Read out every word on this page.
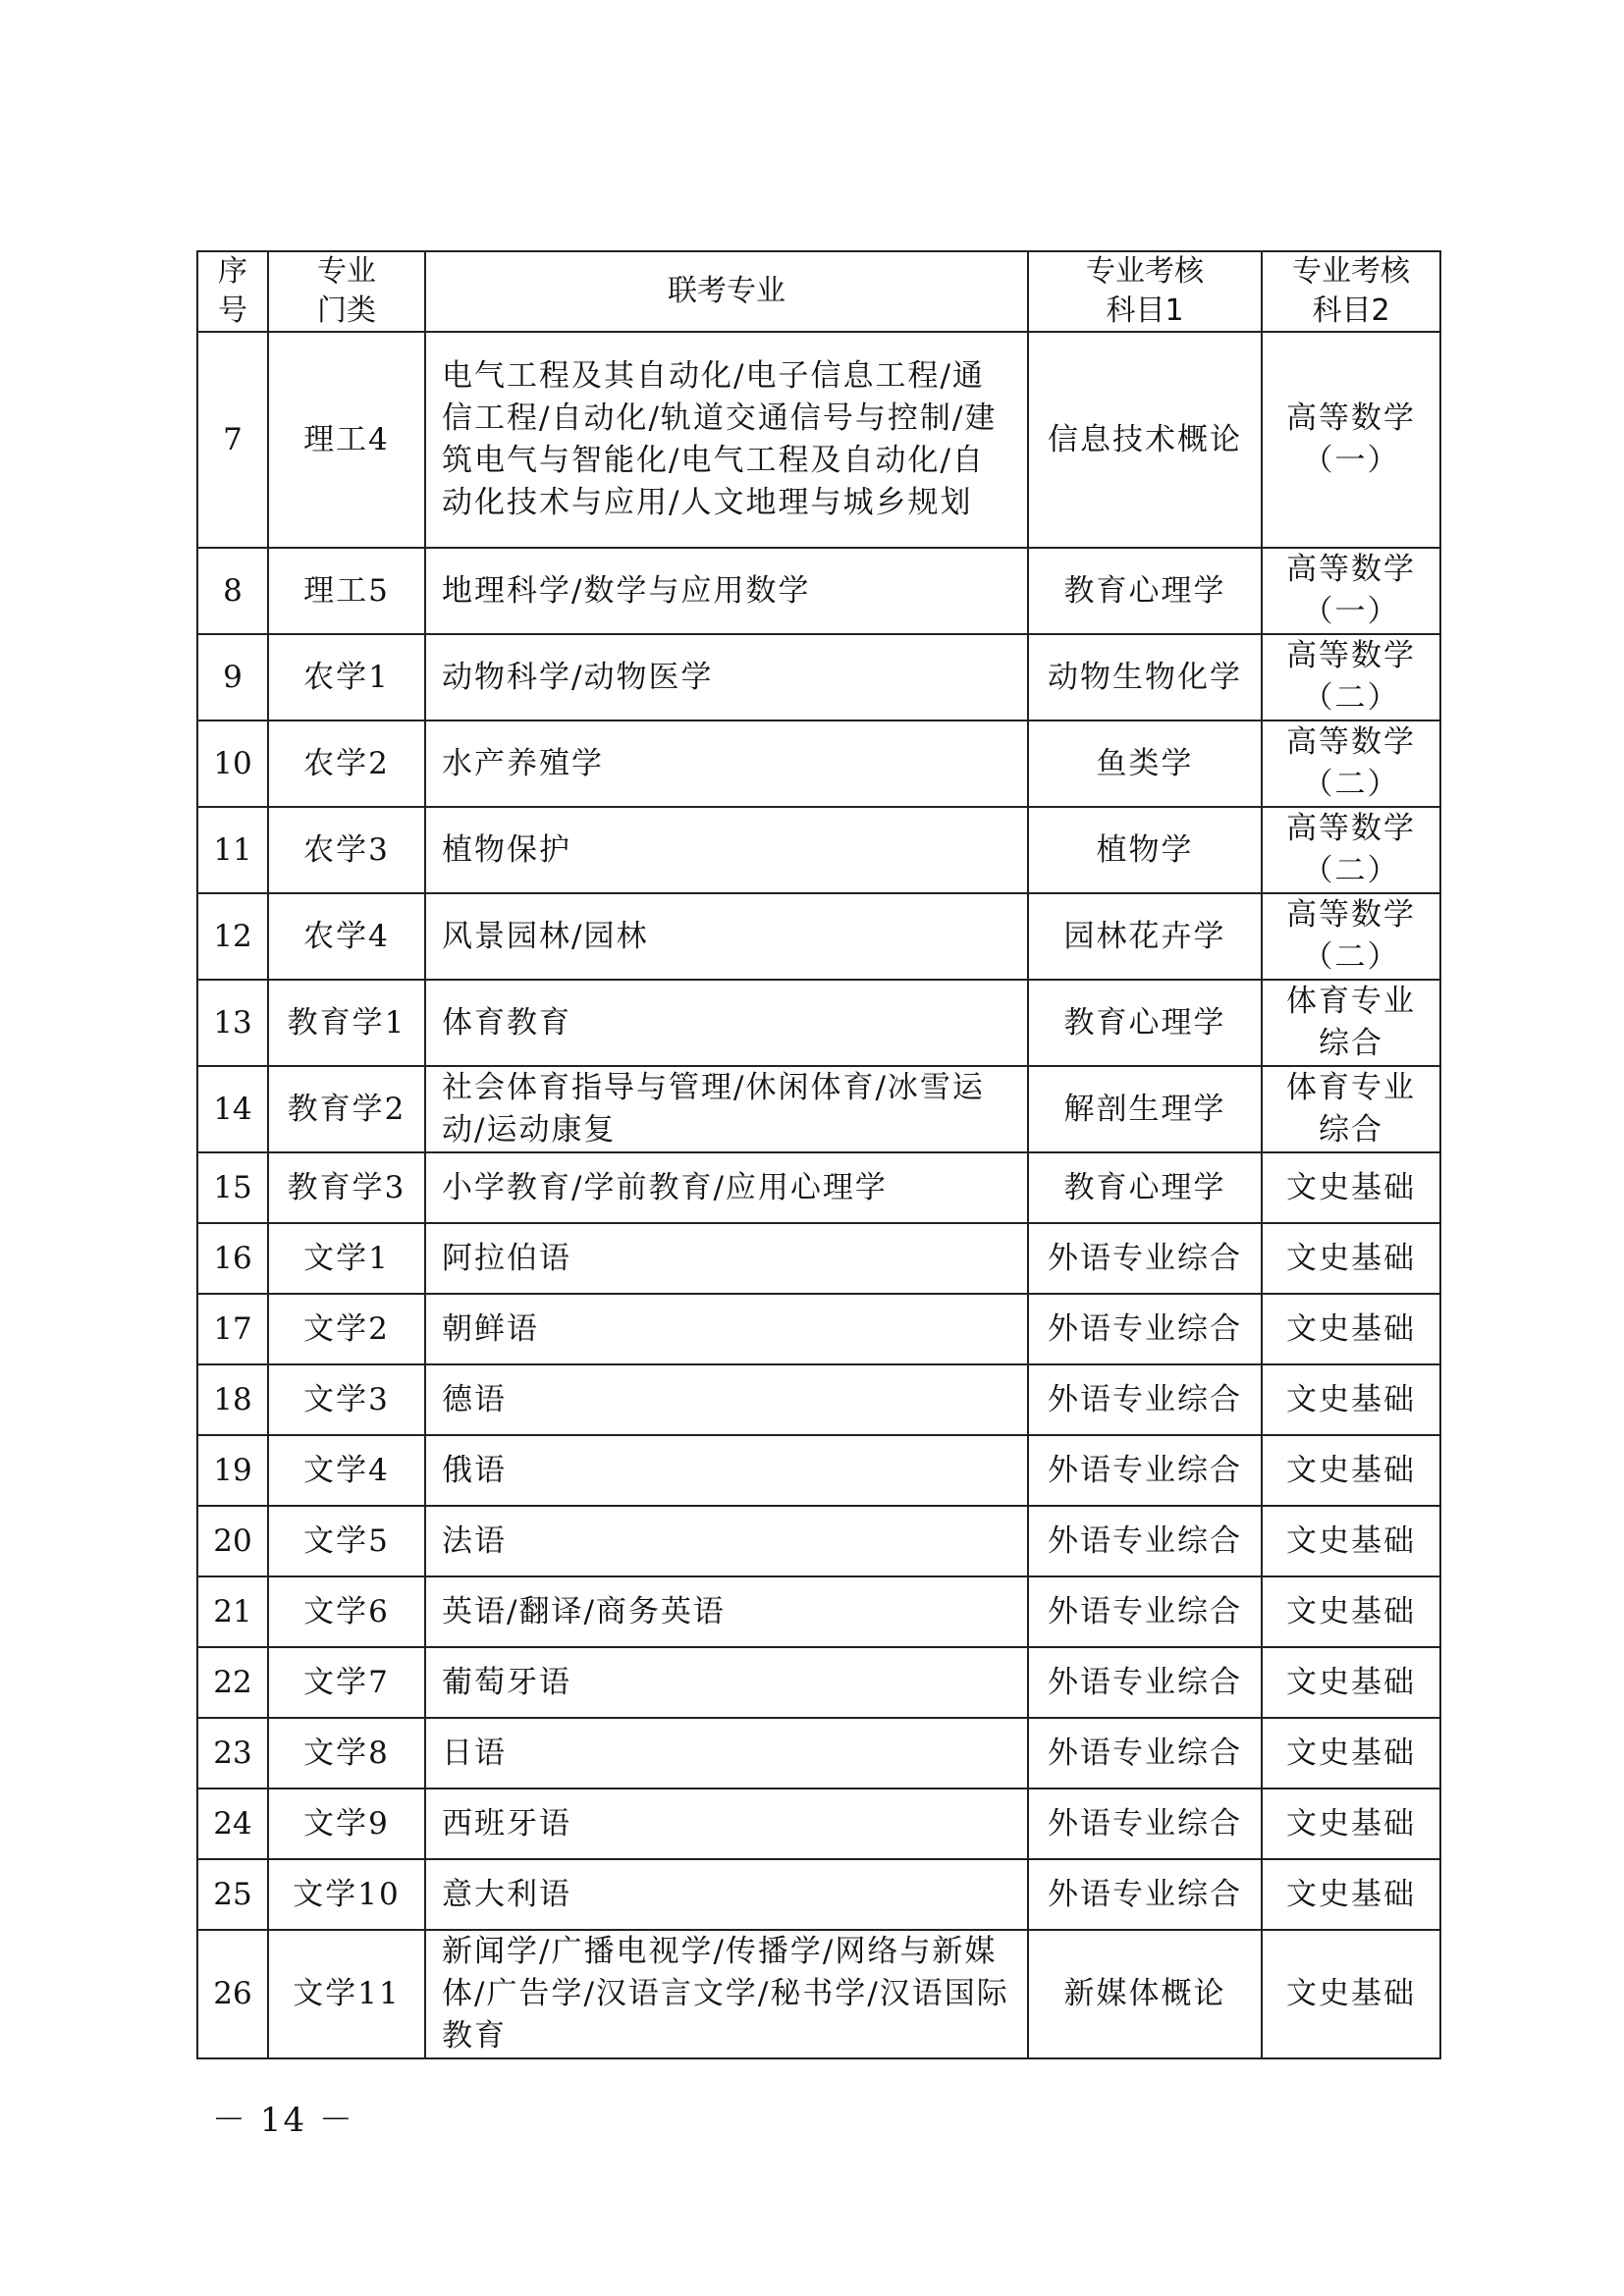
序号	专业门类	联考专业	专业考核科目1	专业考核科目2
7	理工4	电气工程及其自动化/电子信息工程/通信工程/自动化/轨道交通信号与控制/建筑电气与智能化/电气工程及自动化/自动化技术与应用/人文地理与城乡规划	信息技术概论	高等数学（一）
8	理工5	地理科学/数学与应用数学	教育心理学	高等数学（一）
9	农学1	动物科学/动物医学	动物生物化学	高等数学（二）
10	农学2	水产养殖学	鱼类学	高等数学（二）
11	农学3	植物保护	植物学	高等数学（二）
12	农学4	风景园林/园林	园林花卉学	高等数学（二）
13	教育学1	体育教育	教育心理学	体育专业综合
14	教育学2	社会体育指导与管理/休闲体育/冰雪运动/运动康复	解剖生理学	体育专业综合
15	教育学3	小学教育/学前教育/应用心理学	教育心理学	文史基础
16	文学1	阿拉伯语	外语专业综合	文史基础
17	文学2	朝鲜语	外语专业综合	文史基础
18	文学3	德语	外语专业综合	文史基础
19	文学4	俄语	外语专业综合	文史基础
20	文学5	法语	外语专业综合	文史基础
21	文学6	英语/翻译/商务英语	外语专业综合	文史基础
22	文学7	葡萄牙语	外语专业综合	文史基础
23	文学8	日语	外语专业综合	文史基础
24	文学9	西班牙语	外语专业综合	文史基础
25	文学10	意大利语	外语专业综合	文史基础
26	文学11	新闻学/广播电视学/传播学/网络与新媒体/广告学/汉语言文学/秘书学/汉语国际教育	新媒体概论	文史基础
－ 14 －
